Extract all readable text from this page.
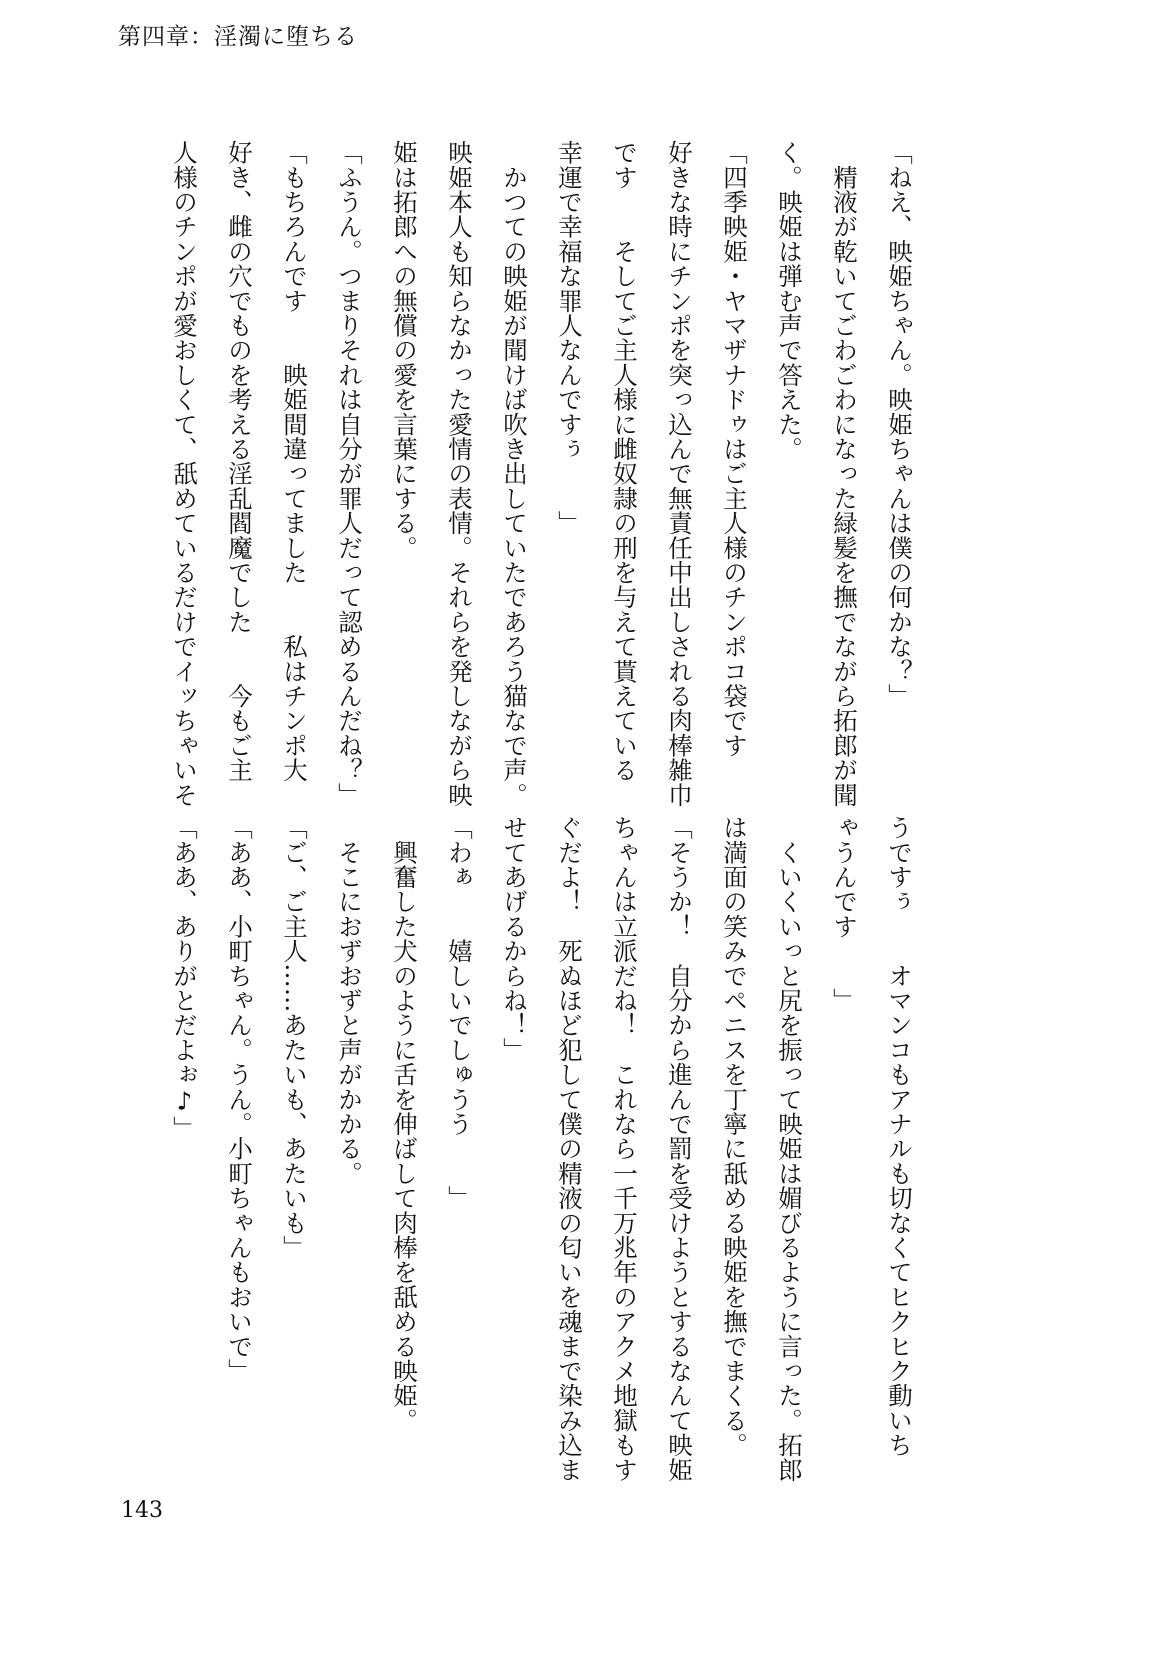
第四章：淫濁に堕ちる
「ねえ、映姫ちゃん。映姫ちゃんは僕の何かな？」
　精液が乾いてごわごわになった緑髪を撫でながら拓郎が聞
く。映姫は弾む声で答えた。
「四季映姫・ヤマザナドゥはご主人様のチンポコ袋です
好きな時にチンポを突っ込んで無責任中出しされる肉棒雑巾
です　　そしてご主人様に雌奴隷の刑を与えて貰えている
幸運で幸福な罪人なんですぅ　　」
　かつての映姫が聞けば吹き出していたであろう猫なで声。
映姫本人も知らなかった愛情の表情。それらを発しながら映
姫は拓郎への無償の愛を言葉にする。
「ふうん。つまりそれは自分が罪人だって認めるんだね？」
「もちろんです　　映姫間違ってました　　私はチンポ大
好き、雌の穴でものを考える淫乱閻魔でした　　今もご主
人様のチンポが愛おしくて、舐めているだけでイッちゃいそ
うですぅ　　オマンコもアナルも切なくてヒクヒク動いち
ゃうんです　　」
　くいくいっと尻を振って映姫は媚びるように言った。拓郎
は満面の笑みでペニスを丁寧に舐める映姫を撫でまくる。
「そうか！　自分から進んで罰を受けようとするなんて映姫
ちゃんは立派だね！　これなら一千万兆年のアクメ地獄もす
ぐだよ！　死ぬほど犯して僕の精液の匂いを魂まで染み込ま
せてあげるからね！」
「わぁ　　嬉しいでしゅうう　　」
　興奮した犬のように舌を伸ばして肉棒を舐める映姫。
　そこにおずおずと声がかかる。
「ご、ご主人……あたいも、あたいも」
「ああ、小町ちゃん。うん。小町ちゃんもおいで」
「ああ、ありがとだよぉ♪」
143
